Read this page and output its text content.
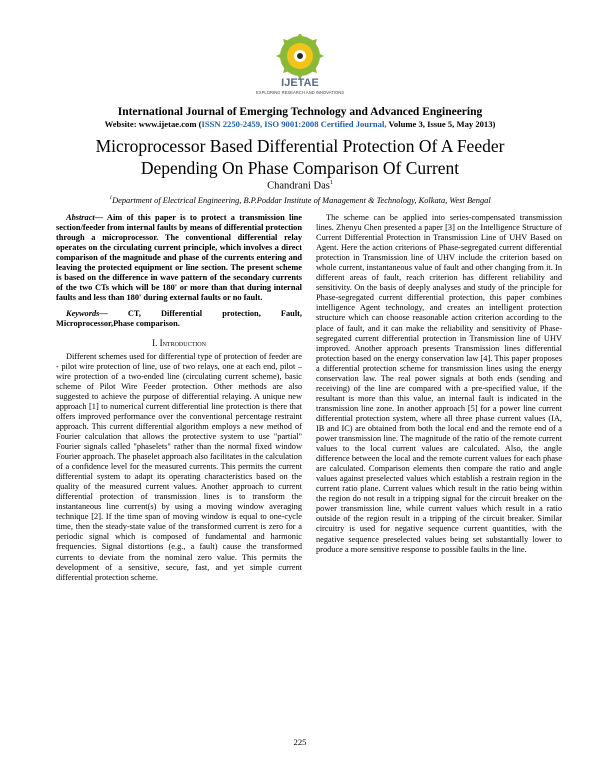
IJETAE
EXPLORING RESEARCH AND INNOVATIONS
International Journal of Emerging Technology and Advanced Engineering
Website: www.ijetae.com (ISSN 2250-2459, ISO 9001:2008 Certified Journal, Volume 3, Issue 5, May 2013)
Microprocessor Based Differential Protection Of A Feeder
Depending On Phase Comparison Of Current
Chandrani Das$^1$
$^1$Department of Electrical Engineering, B.P.Poddar Institute of Management & Technology, Kolkata, West Bengal

Abstract— Aim of this paper is to protect a transmission line section/feeder from internal faults by means of differential protection through a microprocessor. The conventional differential relay operates on the circulating current principle, which involves a direct comparison of the magnitude and phase of the currents entering and leaving the protected equipment or line section. The present scheme is based on the difference in wave pattern of the secondary currents of the two CTs which will be 180' or more than that during internal faults and less than 180' during external faults or no fault.

Keywords— CT, Differential protection, Fault, Microprocessor,Phase comparison.

I. Introduction

Different schemes used for differential type of protection of feeder are - pilot wire protection of line, use of two relays, one at each end, pilot –wire protection of a two-ended line (circulating current scheme), basic scheme of Pilot Wire Feeder protection. Other methods are also suggested to achieve the purpose of differential relaying. A unique new approach [1] to numerical current differential line protection is there that offers improved performance over the conventional percentage restraint approach. This current differential algorithm employs a new method of Fourier calculation that allows the protective system to use "partial" Fourier signals called "phaselets" rather than the normal fixed window Fourier approach. The phaselet approach also facilitates in the calculation of a confidence level for the measured currents. This permits the current differential system to adapt its operating characteristics based on the quality of the measured current values. Another approach to current differential protection of transmission lines is to transform the instantaneous line current(s) by using a moving window averaging technique [2]. If the time span of moving window is equal to one-cycle time, then the steady-state value of the transformed current is zero for a periodic signal which is composed of fundamental and harmonic frequencies. Signal distortions (e.g., a fault) cause the transformed currents to deviate from the nominal zero value. This permits the development of a sensitive, secure, fast, and yet simple current differential protection scheme.

The scheme can be applied into series-compensated transmission lines. Zhenyu Chen presented a paper [3] on the Intelligence Structure of Current Differential Protection in Transmission Line of UHV Based on Agent. Here the action criterions of Phase-segregated current differential protection in Transmission line of UHV include the criterion based on whole current, instantaneous value of fault and other changing from it. In different areas of fault, reach criterion has different reliability and sensitivity. On the basis of deeply analyses and study of the principle for Phase-segregated current differential protection, this paper combines intelligence Agent technology, and creates an intelligent protection structure which can choose reasonable action criterion according to the place of fault, and it can make the reliability and sensitivity of Phase-segregated current differential protection in Transmission line of UHV improved. Another approach presents Transmission lines differential protection based on the energy conservation law [4]. This paper proposes a differential protection scheme for transmission lines using the energy conservation law. The real power signals at both ends (sending and receiving) of the line are compared with a pre-specified value, if the resultant is more than this value, an internal fault is indicated in the transmission line zone. In another approach [5] for a power line current differential protection system, where all three phase current values (IA, IB and IC) are obtained from both the local end and the remote end of a power transmission line. The magnitude of the ratio of the remote current values to the local current values are calculated. Also, the angle difference between the local and the remote current values for each phase are calculated. Comparison elements then compare the ratio and angle values against preselected values which establish a restrain region in the current ratio plane. Current values which result in the ratio being within the region do not result in a tripping signal for the circuit breaker on the power transmission line, while current values which result in a ratio outside of the region result in a tripping of the circuit breaker. Similar circuitry is used for negative sequence current quantities, with the negative sequence preselected values being set substantially lower to produce a more sensitive response to possible faults in the line.

225
